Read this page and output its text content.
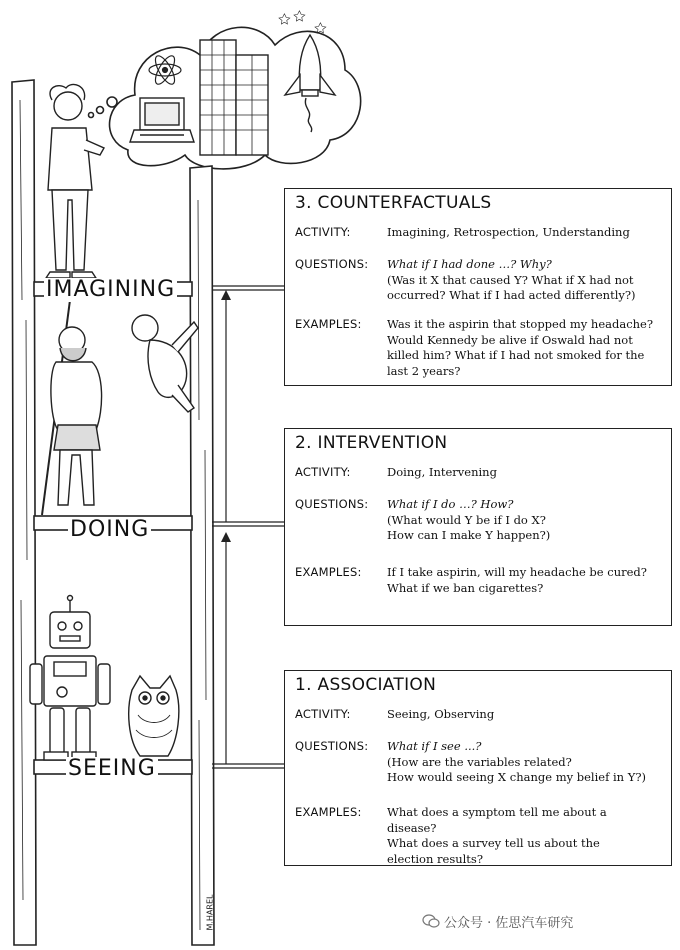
IMAGINING
DOING
SEEING
3. COUNTERFACTUALS
ACTIVITY:	Imagining, Retrospection, Understanding
QUESTIONS: What if I had done …? Why?
(Was it X that caused Y? What if X had not
occurred? What if I had acted differently?)
EXAMPLES: Was it the aspirin that stopped my headache?
Would Kennedy be alive if Oswald had not
killed him? What if I had not smoked for the
last 2 years?
2. INTERVENTION
ACTIVITY:	Doing, Intervening
QUESTIONS: What if I do …? How?
(What would Y be if I do X?
How can I make Y happen?)
EXAMPLES: If I take aspirin, will my headache be cured?
What if we ban cigarettes?
1. ASSOCIATION
ACTIVITY:	Seeing, Observing
QUESTIONS: What if I see ...?
(How are the variables related?
How would seeing X change my belief in Y?)
EXAMPLES: What does a symptom tell me about a disease?
What does a survey tell us about the
election results?
M.HAREL	公众号 · 佐思汽车研究
